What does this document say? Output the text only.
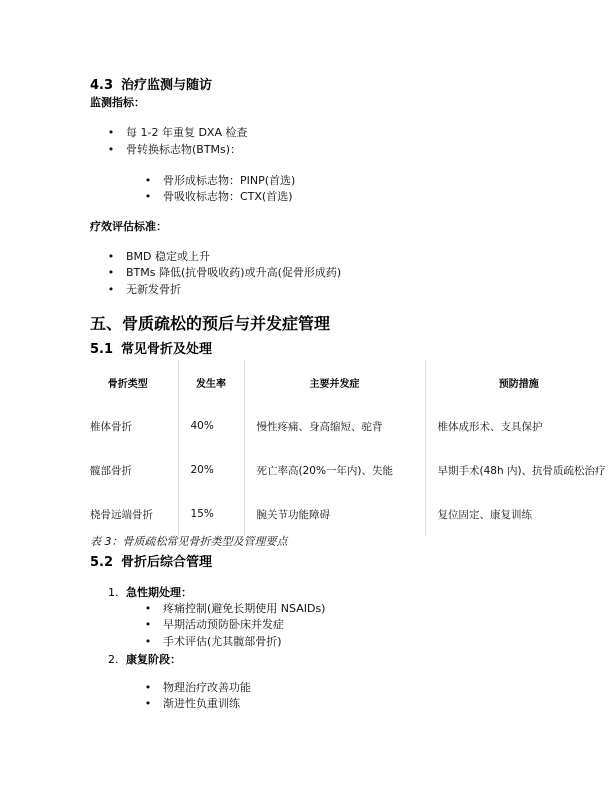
4.3 治疗监测与随访
监测指标：
•
每 1-2 年重复 DXA 检查
•
骨转换标志物(BTMs)：
•
骨形成标志物：PINP(首选)
•
骨吸收标志物：CTX(首选)
疗效评估标准：
•
BMD 稳定或上升
•
BTMs 降低(抗骨吸收药)或升高(促骨形成药)
•
无新发骨折
五、骨质疏松的预后与并发症管理
5.1 常见骨折及处理
骨折类型	发生率	主要并发症	预防措施
椎体骨折	40%	慢性疼痛、身高缩短、驼背	椎体成形术、支具保护
髋部骨折	20%	死亡率高(20%一年内)、失能	早期手术(48h 内)、抗骨质疏松治疗
桡骨远端骨折	15%	腕关节功能障碍	复位固定、康复训练
表 3：骨质疏松常见骨折类型及管理要点
5.2 骨折后综合管理
1. 急性期处理：
•
疼痛控制(避免长期使用 NSAIDs)
•
早期活动预防卧床并发症
•
手术评估(尤其髋部骨折)
2. 康复阶段：
•
物理治疗改善功能
•
渐进性负重训练
